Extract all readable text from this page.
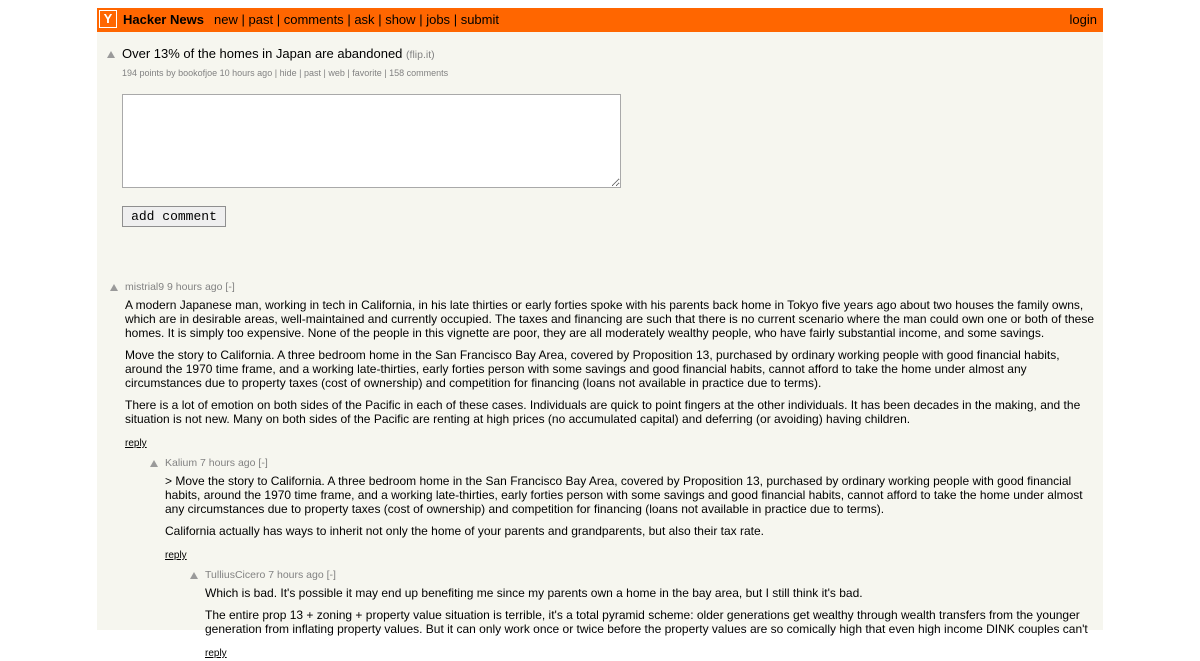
Y Hacker News new | past | comments | ask | show | jobs | submit	login
Over 13% of the homes in Japan are abandoned (flip.it)
194 points by bookofjoe 10 hours ago | hide | past | web | favorite | 158 comments
add comment
mistrial9 9 hours ago [-]

A modern Japanese man, working in tech in California, in his late thirties or early forties spoke with his parents back home in Tokyo five years ago about two houses the family owns, which are in desirable areas, well-maintained and currently occupied. The taxes and financing are such that there is no current scenario where the man could own one or both of these homes. It is simply too expensive. None of the people in this vignette are poor, they are all moderately wealthy people, who have fairly substantial income, and some savings.

Move the story to California. A three bedroom home in the San Francisco Bay Area, covered by Proposition 13, purchased by ordinary working people with good financial habits, around the 1970 time frame, and a working late-thirties, early forties person with some savings and good financial habits, cannot afford to take the home under almost any circumstances due to property taxes (cost of ownership) and competition for financing (loans not available in practice due to terms).

There is a lot of emotion on both sides of the Pacific in each of these cases. Individuals are quick to point fingers at the other individuals. It has been decades in the making, and the situation is not new. Many on both sides of the Pacific are renting at high prices (no accumulated capital) and deferring (or avoiding) having children.

reply
Kalium 7 hours ago [-]

> Move the story to California. A three bedroom home in the San Francisco Bay Area, covered by Proposition 13, purchased by ordinary working people with good financial habits, around the 1970 time frame, and a working late-thirties, early forties person with some savings and good financial habits, cannot afford to take the home under almost any circumstances due to property taxes (cost of ownership) and competition for financing (loans not available in practice due to terms).

California actually has ways to inherit not only the home of your parents and grandparents, but also their tax rate.

reply
TulliusCicero 7 hours ago [-]

Which is bad. It's possible it may end up benefiting me since my parents own a home in the bay area, but I still think it's bad.

The entire prop 13 + zoning + property value situation is terrible, it's a total pyramid scheme: older generations get wealthy through wealth transfers from the younger generation from inflating property values. But it can only work once or twice before the property values are so comically high that even high income DINK couples can't

reply
